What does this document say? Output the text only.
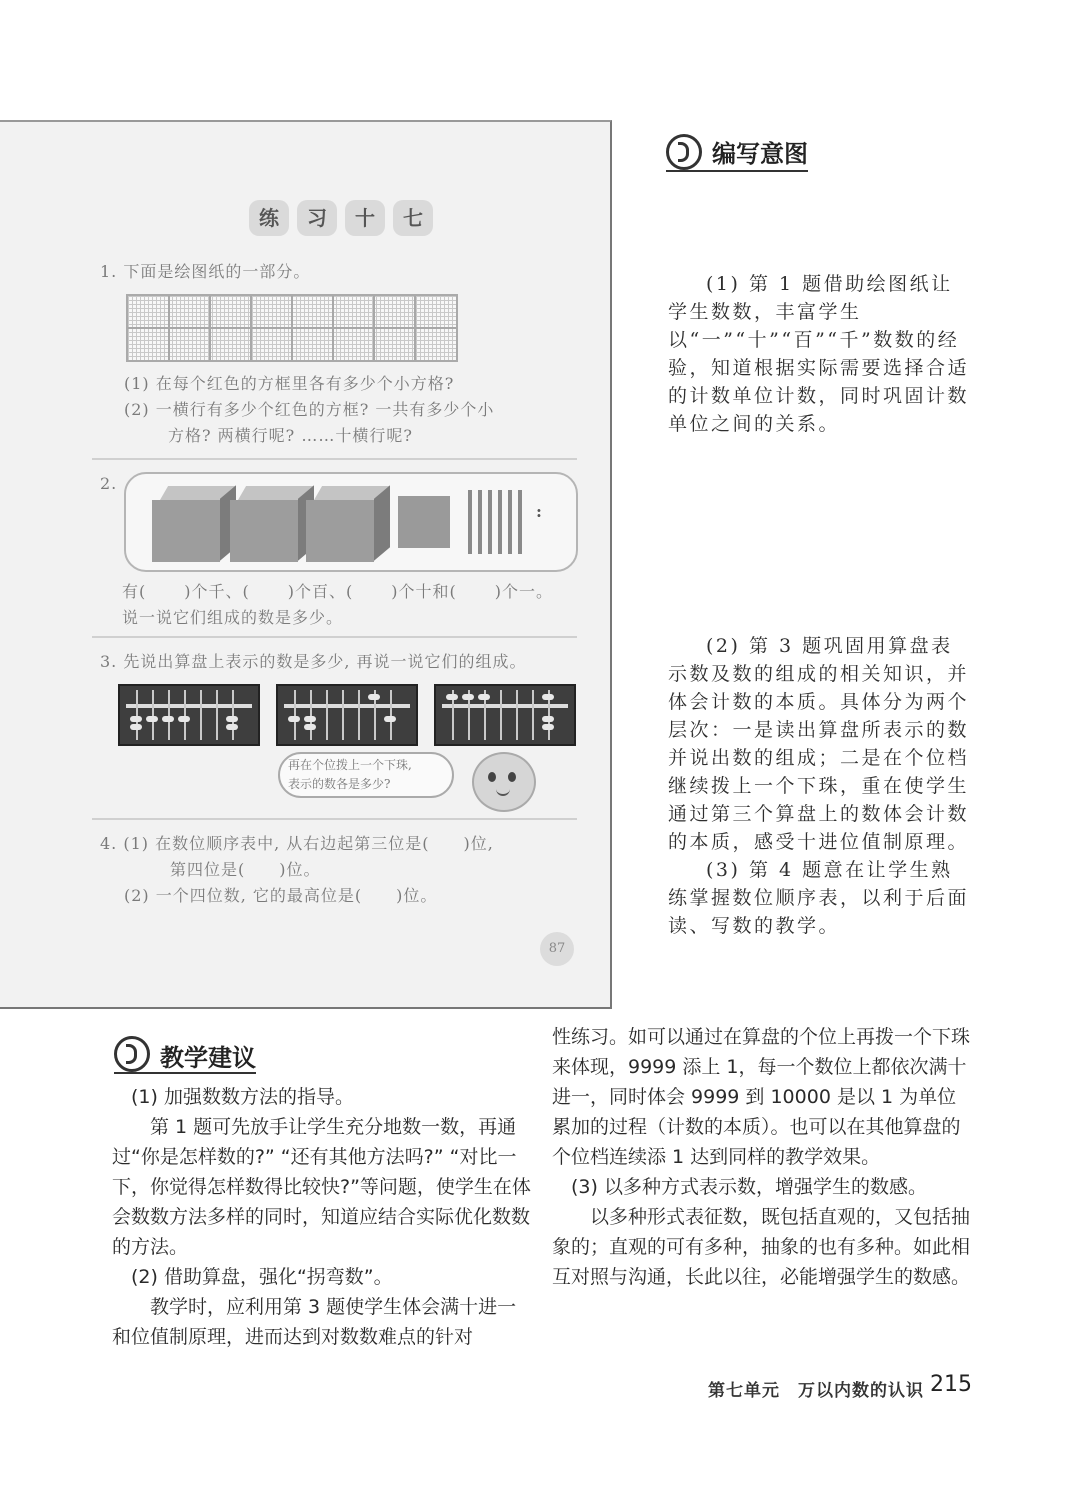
练 习 十 七
1. 下面是绘图纸的一部分。
(1) 在每个红色的方框里各有多少个小方格?
(2) 一横行有多少个红色的方框? 一共有多少个小
方格? 两横行呢? ……十横行呢?
2.
:
有( )个千、( )个百、( )个十和( )个一。
说一说它们组成的数是多少。
3. 先说出算盘上表示的数是多少, 再说一说它们的组成。
再在个位拨上一个下珠,
表示的数各是多少?
4. (1) 在数位顺序表中, 从右边起第三位是(　　)位,
第四位是(　　)位。
(2) 一个四位数, 它的最高位是(　　)位。
87
编写意图

(1) 第 1 题借助绘图纸让学生数数，丰富学生以“一”“十”“百”“千”数数的经验，知道根据实际需要选择合适的计数单位计数，同时巩固计数单位之间的关系。

(2) 第 3 题巩固用算盘表示数及数的组成的相关知识，并体会计数的本质。具体分为两个层次：一是读出算盘所表示的数并说出数的组成；二是在个位档继续拨上一个下珠，重在使学生通过第三个算盘上的数体会计数的本质，感受十进位值制原理。

(3) 第 4 题意在让学生熟练掌握数位顺序表，以利于后面读、写数的教学。

教学建议

(1) 加强数数方法的指导。

第 1 题可先放手让学生充分地数一数，再通过“你是怎样数的?” “还有其他方法吗?” “对比一下，你觉得怎样数得比较快?”等问题，使学生在体会数数方法多样的同时，知道应结合实际优化数数的方法。

(2) 借助算盘，强化“拐弯数”。

教学时，应利用第 3 题使学生体会满十进一和位值制原理，进而达到对数数难点的针对

性练习。如可以通过在算盘的个位上再拨一个下珠来体现，9999 添上 1，每一个数位上都依次满十进一，同时体会 9999 到 10000 是以 1 为单位累加的过程（计数的本质）。也可以在其他算盘的个位档连续添 1 达到同样的教学效果。

(3) 以多种方式表示数，增强学生的数感。

以多种形式表征数，既包括直观的，又包括抽象的；直观的可有多种，抽象的也有多种。如此相互对照与沟通，长此以往，必能增强学生的数感。

第七单元　万以内数的认识 215
